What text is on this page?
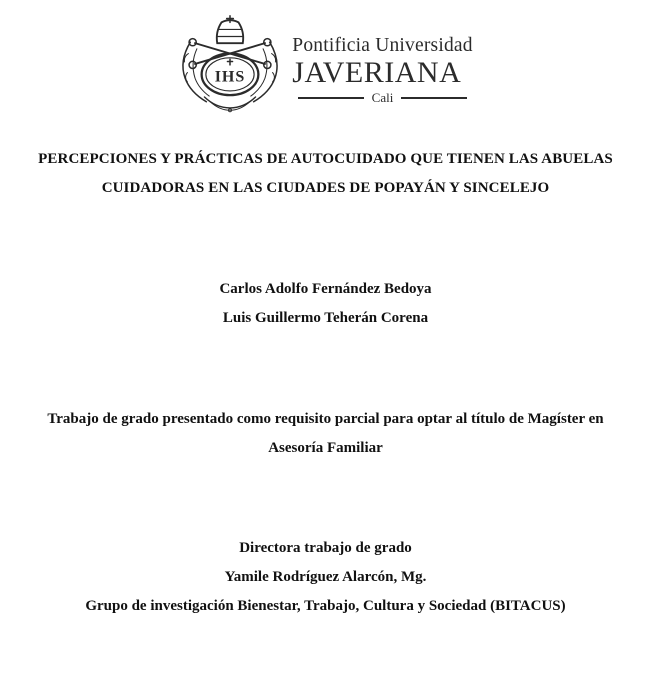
IHS
Pontificia Universidad
JAVERIANA
Cali
PERCEPCIONES Y PRÁCTICAS DE AUTOCUIDADO QUE TIENEN LAS ABUELAS
CUIDADORAS EN LAS CIUDADES DE POPAYÁN Y SINCELEJO
Carlos Adolfo Fernández Bedoya
Luis Guillermo Teherán Corena
Trabajo de grado presentado como requisito parcial para optar al título de Magíster en
Asesoría Familiar
Directora trabajo de grado
Yamile Rodríguez Alarcón, Mg.
Grupo de investigación Bienestar, Trabajo, Cultura y Sociedad (BITACUS)
